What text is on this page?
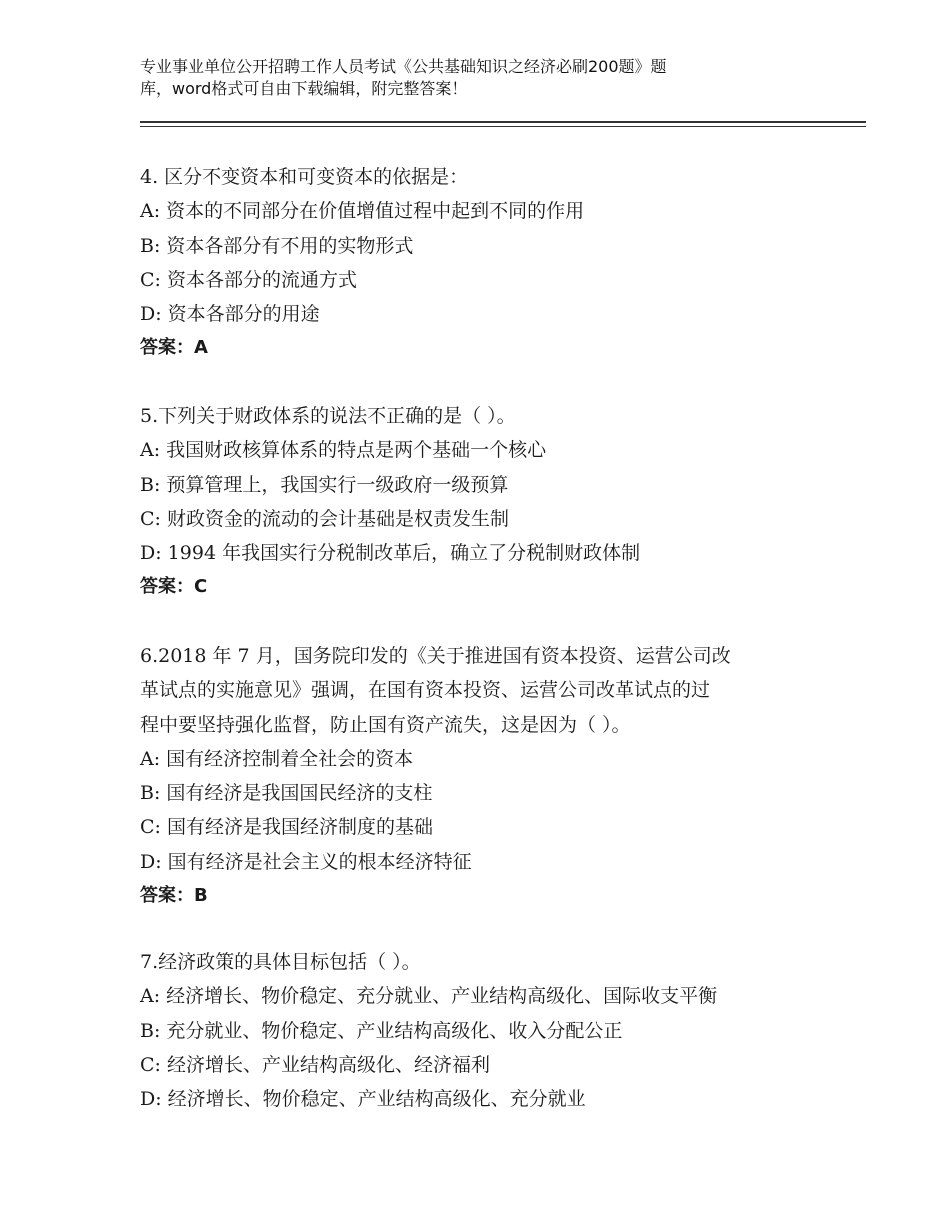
专业事业单位公开招聘工作人员考试《公共基础知识之经济必刷200题》题
库，word格式可自由下载编辑，附完整答案！
4. 区分不变资本和可变资本的依据是：
A: 资本的不同部分在价值增值过程中起到不同的作用
B: 资本各部分有不用的实物形式
C: 资本各部分的流通方式
D: 资本各部分的用途
答案：A
5.下列关于财政体系的说法不正确的是（ ）。
A: 我国财政核算体系的特点是两个基础一个核心
B: 预算管理上，我国实行一级政府一级预算
C: 财政资金的流动的会计基础是权责发生制
D: 1994 年我国实行分税制改革后，确立了分税制财政体制
答案：C
6.2018 年 7 月，国务院印发的《关于推进国有资本投资、运营公司改
革试点的实施意见》强调，在国有资本投资、运营公司改革试点的过
程中要坚持强化监督，防止国有资产流失，这是因为（ ）。
A: 国有经济控制着全社会的资本
B: 国有经济是我国国民经济的支柱
C: 国有经济是我国经济制度的基础
D: 国有经济是社会主义的根本经济特征
答案：B
7.经济政策的具体目标包括（ ）。
A: 经济增长、物价稳定、充分就业、产业结构高级化、国际收支平衡
B: 充分就业、物价稳定、产业结构高级化、收入分配公正
C: 经济增长、产业结构高级化、经济福利
D: 经济增长、物价稳定、产业结构高级化、充分就业
